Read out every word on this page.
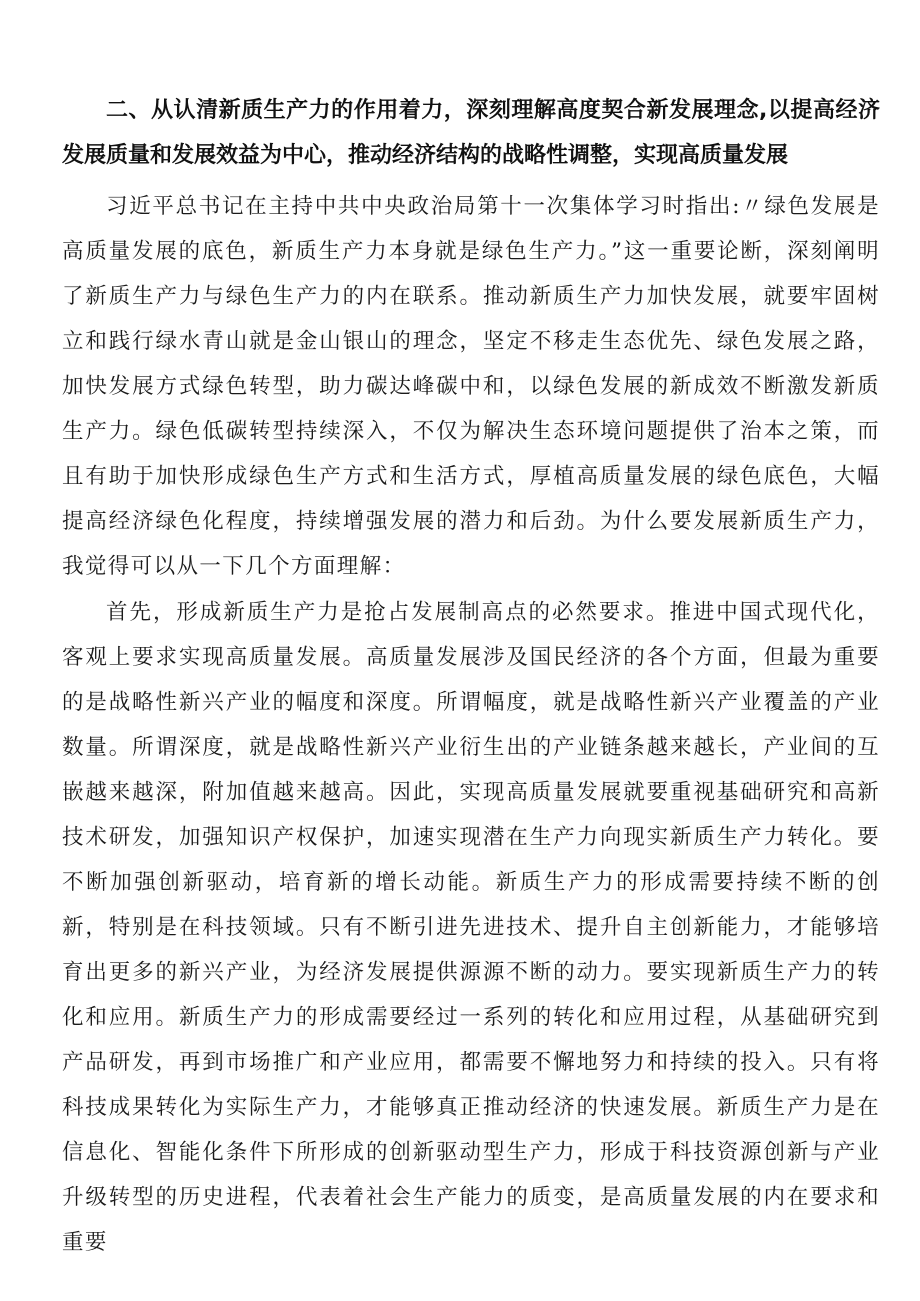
二、从认清新质生产力的作用着力，深刻理解高度契合新发展理念,以提高经济发展质量和发展效益为中心，推动经济结构的战略性调整，实现高质量发展

习近平总书记在主持中共中央政治局第十一次集体学习时指出:〃绿色发展是高质量发展的底色，新质生产力本身就是绿色生产力。”这一重要论断，深刻阐明了新质生产力与绿色生产力的内在联系。推动新质生产力加快发展，就要牢固树立和践行绿水青山就是金山银山的理念，坚定不移走生态优先、绿色发展之路，加快发展方式绿色转型，助力碳达峰碳中和，以绿色发展的新成效不断激发新质生产力。绿色低碳转型持续深入，不仅为解决生态环境问题提供了治本之策，而且有助于加快形成绿色生产方式和生活方式，厚植高质量发展的绿色底色，大幅提高经济绿色化程度，持续增强发展的潜力和后劲。为什么要发展新质生产力，我觉得可以从一下几个方面理解：

首先，形成新质生产力是抢占发展制高点的必然要求。推进中国式现代化，客观上要求实现高质量发展。高质量发展涉及国民经济的各个方面，但最为重要的是战略性新兴产业的幅度和深度。所谓幅度，就是战略性新兴产业覆盖的产业数量。所谓深度，就是战略性新兴产业衍生出的产业链条越来越长，产业间的互嵌越来越深，附加值越来越高。因此，实现高质量发展就要重视基础研究和高新技术研发，加强知识产权保护，加速实现潜在生产力向现实新质生产力转化。要不断加强创新驱动，培育新的增长动能。新质生产力的形成需要持续不断的创新，特别是在科技领域。只有不断引进先进技术、提升自主创新能力，才能够培育出更多的新兴产业，为经济发展提供源源不断的动力。要实现新质生产力的转化和应用。新质生产力的形成需要经过一系列的转化和应用过程，从基础研究到产品研发，再到市场推广和产业应用，都需要不懈地努力和持续的投入。只有将科技成果转化为实际生产力，才能够真正推动经济的快速发展。新质生产力是在信息化、智能化条件下所形成的创新驱动型生产力，形成于科技资源创新与产业升级转型的历史进程，代表着社会生产能力的质变，是高质量发展的内在要求和重要
